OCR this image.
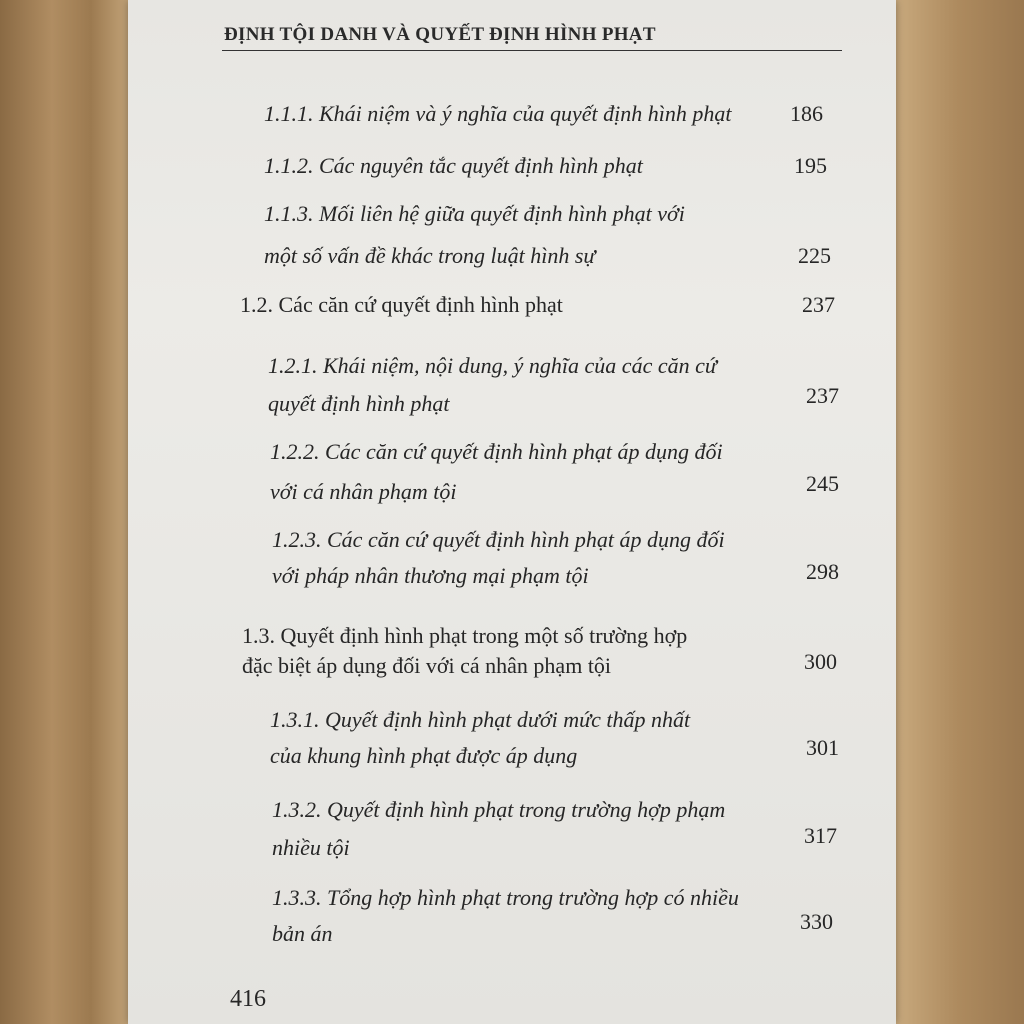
ĐỊNH TỘI DANH VÀ QUYẾT ĐỊNH HÌNH PHẠT
1.1.1. Khái niệm và ý nghĩa của quyết định hình phạt	186
1.1.2. Các nguyên tắc quyết định hình phạt	195
1.1.3. Mối liên hệ giữa quyết định hình phạt với
một số vấn đề khác trong luật hình sự	225
1.2. Các căn cứ quyết định hình phạt	237
1.2.1. Khái niệm, nội dung, ý nghĩa của các căn cứ
quyết định hình phạt	237
1.2.2. Các căn cứ quyết định hình phạt áp dụng đối
với cá nhân phạm tội	245
1.2.3. Các căn cứ quyết định hình phạt áp dụng đối
với pháp nhân thương mại phạm tội	298
1.3. Quyết định hình phạt trong một số trường hợp
đặc biệt áp dụng đối với cá nhân phạm tội	300
1.3.1. Quyết định hình phạt dưới mức thấp nhất
của khung hình phạt được áp dụng	301
1.3.2. Quyết định hình phạt trong trường hợp phạm
nhiều tội	317
1.3.3. Tổng hợp hình phạt trong trường hợp có nhiều
bản án	330
416
